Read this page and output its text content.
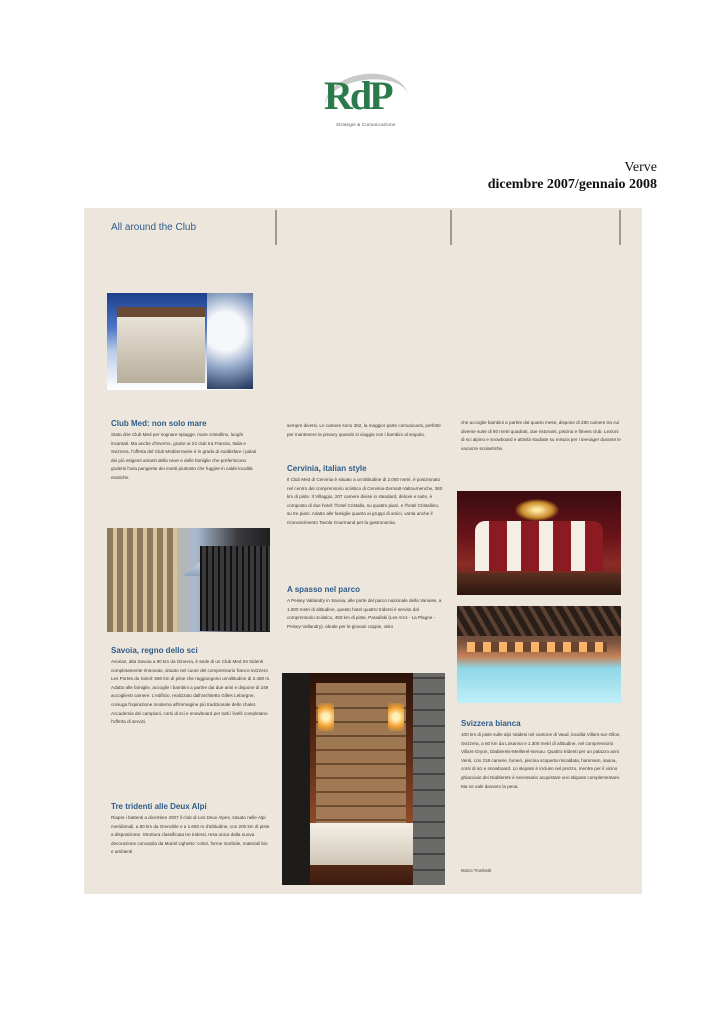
RdP
Strategie & Comunicazione
Verve
dicembre 2007/gennaio 2008
All around the Club
Club Med: non solo mare

Stato dire Club Med per sognare spiagge, mare cristallino, luoghi incantati. Ma anche d'inverno, grazie ai 23 club tra Francia, Italia e Svizzera, l'offerta del Club Mediterranée è in grado di soddisfare i palati dei più esigenti amanti della neve e delle famiglie che preferiscono godersi l'aria pungente dei monti piuttosto che fuggire in calde località esotiche.

Savoia, regno dello sci

Avoriaz, alta Savoia a 90 km da Ginevra, è sede di un Club Med tre tridenti completamente rinnovato, situato nel cuore del comprensorio franco-svizzero Les Portes du Soleil: 650 km di piste che raggiungono un'altitudine di 2.480 m. Adatto alle famiglie, accoglie i bambini a partire dai due anni e dispone di 249 accoglienti camere. L'edificio, realizzato dall'architetto Gilles Leborgne, coniuga l'ispirazione moderna all'immagine più tradizionale dello chalet. Accademia dei campioni, corsi di sci e snowboard per tutti i livelli completano l'offerta di servizi.

Tre tridenti alle Deux Alpi

Riapre i battenti a dicembre 2007 il club di Les Deux Alpes, situato nelle Alpi meridionali, a 80 km da Grenoble e a 1.650 m d'altitudine, con 200 km di piste a disposizione. Struttura classificata tre tridenti, resa unica dalla nuova decorazione concepita da Muriel Ughetto: colori, forme morbide, materiali bio e ambienti

sempre diversi. Le camere sono 362, la maggior parte comunicanti, perfette per mantenere la privacy quando si viaggia con i bambini al seguito.

Cervinia, italian style

Il Club Med di Cervinia è situato a un'altitudine di 2.050 metri, è posizionato nel centro del comprensorio sciistico di Cervinia-Zermatt-Valtournenche, 360 km di piste. Il Villaggio, 207 camere divise in standard, deluxe e suite, è composto di due hotel: l'hotel Cristallo, su quattro piani, e l'hotel Cristallino, su tre piani. Adatto alle famiglie quanto ai gruppi di amici, vanta anche il riconoscimento Tavola Gourmand per la gastronomia.

A spasso nel parco

A Peisey Vallandry in Savoia, alle porte del parco nazionale della Vanoise, a 1.600 metri di altitudine, questo hotel quattro tridenti è servito dal comprensorio sciistico, 450 km di piste, Paradiski (Les Arcs - La Plagne - Peisey-Vallandry). Ideale per le giovani coppie, visto

che accoglie bambini a partire dal quarto mese, dispone di 280 camere tra cui diverse suite di 60 metri quadrati, due ristoranti, piscina e fitness club. Lezioni di sci alpino e snowboard e attività studiate su misura per i teenager durante le vacanze scolastiche.

Svizzera bianca

100 km di piste sulle alpi Valdesi nel cantone di Vaud, località Villars-sur-Ollon, Svizzera, a 60 km da Losanna e 1.300 metri di altitudine, nel comprensorio Villars-Gryon, Diablerets-Meillerel-Isenau. Quattro tridenti per un palazzo anni Venti, con 218 camere, fumeri, piscina scoperta riscaldata, hammam, sauna, corsi di sci e snowboard. Lo skipass è incluso nel prezzo, mentre per il vicino ghiacciaio dei Diablerets è necessario acquistare uno skipass complementare. Ma ne vale davvero la pena.

Marco Trombetti
